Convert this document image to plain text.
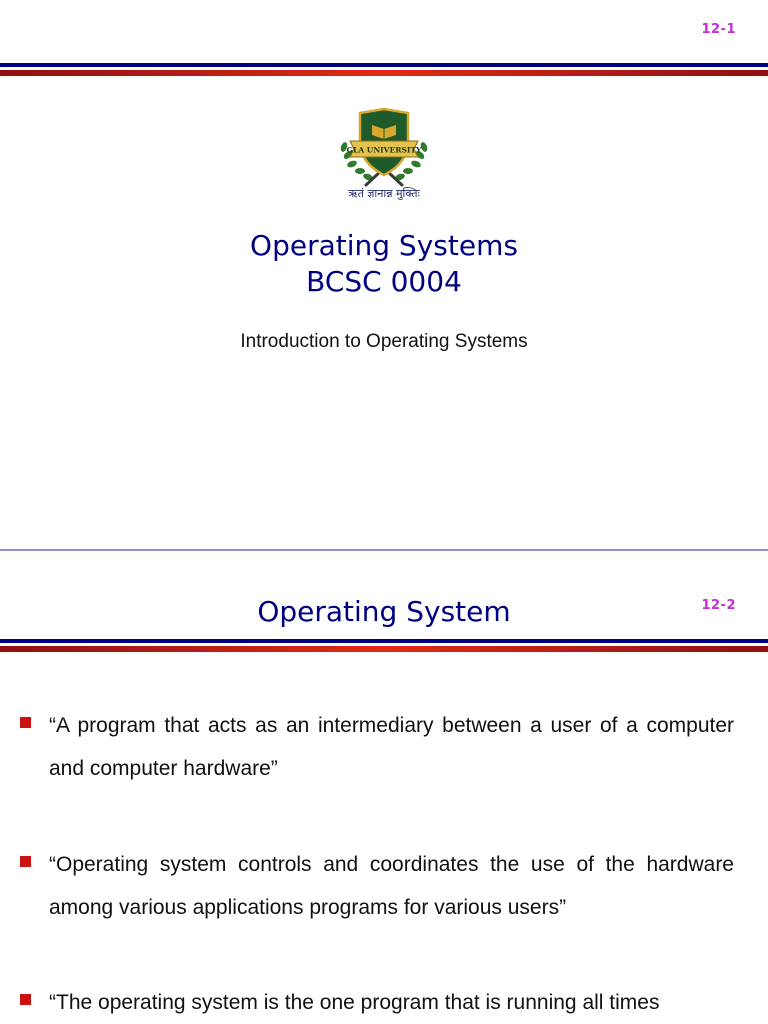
12-1
GLA UNIVERSITY
ऋतं ज्ञानान्न मुक्तिः
Operating Systems
BCSC 0004
Introduction to Operating Systems
Operating System	12-2
“A program that acts as an intermediary between a user of a computer and computer hardware”
“Operating system controls and coordinates the use of the hardware among various applications programs for various users”
“The operating system is the one program that is running all times
